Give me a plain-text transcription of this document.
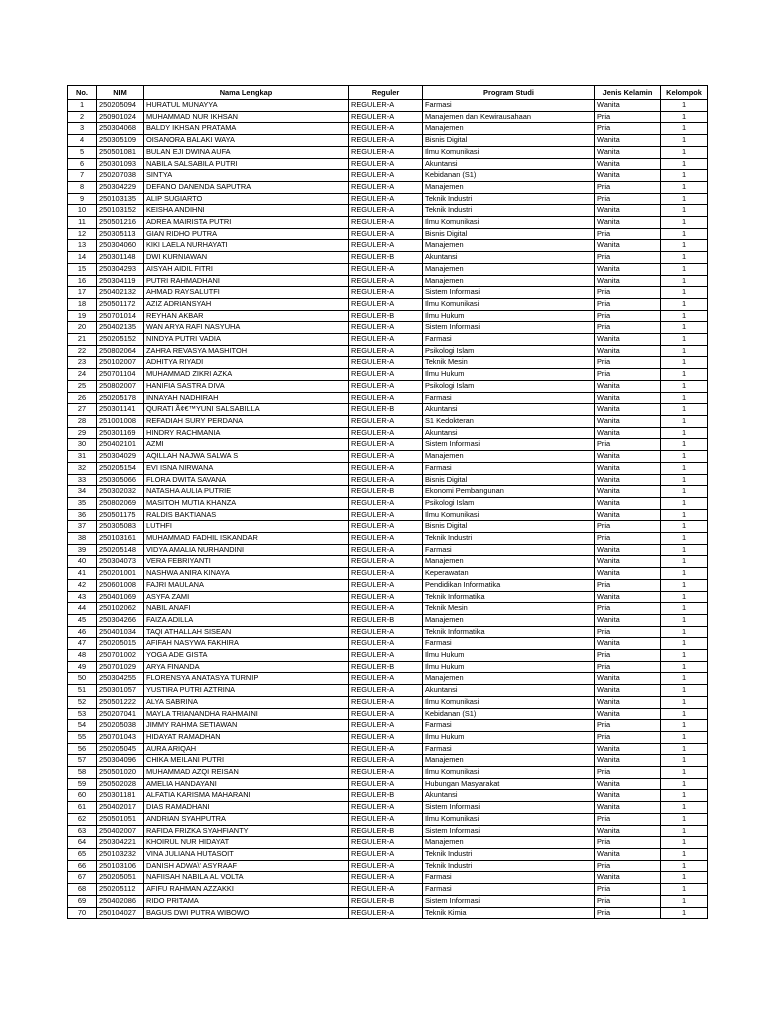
No.	NIM	Nama Lengkap	Reguler	Program Studi	Jenis Kelamin	Kelompok
1	250205094	HURATUL MUNAYYA	REGULER-A	Farmasi	Wanita	1
2	250901024	MUHAMMAD NUR IKHSAN	REGULER-A	Manajemen dan Kewirausahaan	Pria	1
3	250304068	BALDY IKHSAN PRATAMA	REGULER-A	Manajemen	Pria	1
4	250305109	OISANORA BALAKI WAYA	REGULER-A	Bisnis Digital	Wanita	1
5	250501081	BULAN EJI DWINA AUFA	REGULER-A	Ilmu Komunikasi	Wanita	1
6	250301093	NABILA SALSABILA PUTRI	REGULER-A	Akuntansi	Wanita	1
7	250207038	SINTYA	REGULER-A	Kebidanan (S1)	Wanita	1
8	250304229	DEFANO DANENDA SAPUTRA	REGULER-A	Manajemen	Pria	1
9	250103135	ALIP SUGIARTO	REGULER-A	Teknik Industri	Pria	1
10	250103152	KEISHA ANDIHNI	REGULER-A	Teknik Industri	Wanita	1
11	250501216	ADREA MAIRISTA PUTRI	REGULER-A	Ilmu Komunikasi	Wanita	1
12	250305113	GIAN RIDHO PUTRA	REGULER-A	Bisnis Digital	Pria	1
13	250304060	KIKI LAELA NURHAYATI	REGULER-A	Manajemen	Wanita	1
14	250301148	DWI KURNIAWAN	REGULER-B	Akuntansi	Pria	1
15	250304293	AISYAH AIDIL FITRI	REGULER-A	Manajemen	Wanita	1
16	250304119	PUTRI RAHMADHANI	REGULER-A	Manajemen	Wanita	1
17	250402132	AHMAD RAYSALUTFI	REGULER-A	Sistem Informasi	Pria	1
18	250501172	AZIZ ADRIANSYAH	REGULER-A	Ilmu Komunikasi	Pria	1
19	250701014	REYHAN AKBAR	REGULER-B	Ilmu Hukum	Pria	1
20	250402135	WAN ARYA RAFI NASYUHA	REGULER-A	Sistem Informasi	Pria	1
21	250205152	NINDYA PUTRI VADIA	REGULER-A	Farmasi	Wanita	1
22	250802064	ZAHRA REVASYA MASHITOH	REGULER-A	Psikologi Islam	Wanita	1
23	250102007	ADHITYA RIYADI	REGULER-A	Teknik Mesin	Pria	1
24	250701104	MUHAMMAD ZIKRI AZKA	REGULER-A	Ilmu Hukum	Pria	1
25	250802007	HANIFIA SASTRA DIVA	REGULER-A	Psikologi Islam	Wanita	1
26	250205178	INNAYAH NADHIRAH	REGULER-A	Farmasi	Wanita	1
27	250301141	QURATI Ã¢€™YUNI SALSABILLA	REGULER-B	Akuntansi	Wanita	1
28	251001008	REFADIAH SURY PERDANA	REGULER-A	S1 Kedokteran	Wanita	1
29	250301169	HINDRY RACHMANIA	REGULER-A	Akuntansi	Wanita	1
30	250402101	AZMI	REGULER-A	Sistem Informasi	Pria	1
31	250304029	AQILLAH NAJWA SALWA S	REGULER-A	Manajemen	Wanita	1
32	250205154	EVI ISNA NIRWANA	REGULER-A	Farmasi	Wanita	1
33	250305066	FLORA DWITA SAVANA	REGULER-A	Bisnis Digital	Wanita	1
34	250302032	NATASHA AULIA PUTRIE	REGULER-B	Ekonomi Pembangunan	Wanita	1
35	250802069	MASITOH MUTIA KHANZA	REGULER-A	Psikologi Islam	Wanita	1
36	250501175	RALDIS BAKTIANAS	REGULER-A	Ilmu Komunikasi	Wanita	1
37	250305083	LUTHFI	REGULER-A	Bisnis Digital	Pria	1
38	250103161	MUHAMMAD FADHIL ISKANDAR	REGULER-A	Teknik Industri	Pria	1
39	250205148	VIDYA AMALIA NURHANDINI	REGULER-A	Farmasi	Wanita	1
40	250304073	VERA FEBRIYANTI	REGULER-A	Manajemen	Wanita	1
41	250201001	NASHWA ANIRA KINAYA	REGULER-A	Keperawatan	Wanita	1
42	250601008	FAJRI MAULANA	REGULER-A	Pendidikan Informatika	Pria	1
43	250401069	ASYFA ZAMI	REGULER-A	Teknik Informatika	Wanita	1
44	250102062	NABIL ANAFI	REGULER-A	Teknik Mesin	Pria	1
45	250304266	FAIZA ADILLA	REGULER-B	Manajemen	Wanita	1
46	250401034	TAQI ATHALLAH SISEAN	REGULER-A	Teknik Informatika	Pria	1
47	250205015	AFIFAH NASYWA FAKHIRA	REGULER-A	Farmasi	Wanita	1
48	250701002	YOGA ADE GISTA	REGULER-A	Ilmu Hukum	Pria	1
49	250701029	ARYA FINANDA	REGULER-B	Ilmu Hukum	Pria	1
50	250304255	FLORENSYA ANATASYA TURNIP	REGULER-A	Manajemen	Wanita	1
51	250301057	YUSTIRA PUTRI AZTRINA	REGULER-A	Akuntansi	Wanita	1
52	250501222	ALYA SABRINA	REGULER-A	Ilmu Komunikasi	Wanita	1
53	250207041	MAYLA TRIANANDHA RAHMAINI	REGULER-A	Kebidanan (S1)	Wanita	1
54	250205038	JIMMY RAHMA SETIAWAN	REGULER-A	Farmasi	Pria	1
55	250701043	HIDAYAT RAMADHAN	REGULER-A	Ilmu Hukum	Pria	1
56	250205045	AURA ARIQAH	REGULER-A	Farmasi	Wanita	1
57	250304096	CHIKA MEILANI PUTRI	REGULER-A	Manajemen	Wanita	1
58	250501020	MUHAMMAD AZQI REISAN	REGULER-A	Ilmu Komunikasi	Pria	1
59	250502028	AMELIA HANDAYANI	REGULER-A	Hubungan Masyarakat	Wanita	1
60	250301181	ALFATIA KARISMA MAHARANI	REGULER-B	Akuntansi	Wanita	1
61	250402017	DIAS RAMADHANI	REGULER-A	Sistem Informasi	Wanita	1
62	250501051	ANDRIAN SYAHPUTRA	REGULER-A	Ilmu Komunikasi	Pria	1
63	250402007	RAFIDA FRIZKA SYAHFIANTY	REGULER-B	Sistem Informasi	Wanita	1
64	250304221	KHOIRUL NUR HIDAYAT	REGULER-A	Manajemen	Pria	1
65	250103232	VINA JULIANA HUTASOIT	REGULER-A	Teknik Industri	Wanita	1
66	250103106	DANISH ADWA\' ASYRAAF	REGULER-A	Teknik Industri	Pria	1
67	250205051	NAFIISAH NABILA AL VOLTA	REGULER-A	Farmasi	Wanita	1
68	250205112	AFIFU RAHMAN AZZAKKI	REGULER-A	Farmasi	Pria	1
69	250402086	RIDO PRITAMA	REGULER-B	Sistem Informasi	Pria	1
70	250104027	BAGUS DWI PUTRA WIBOWO	REGULER-A	Teknik Kimia	Pria	1
